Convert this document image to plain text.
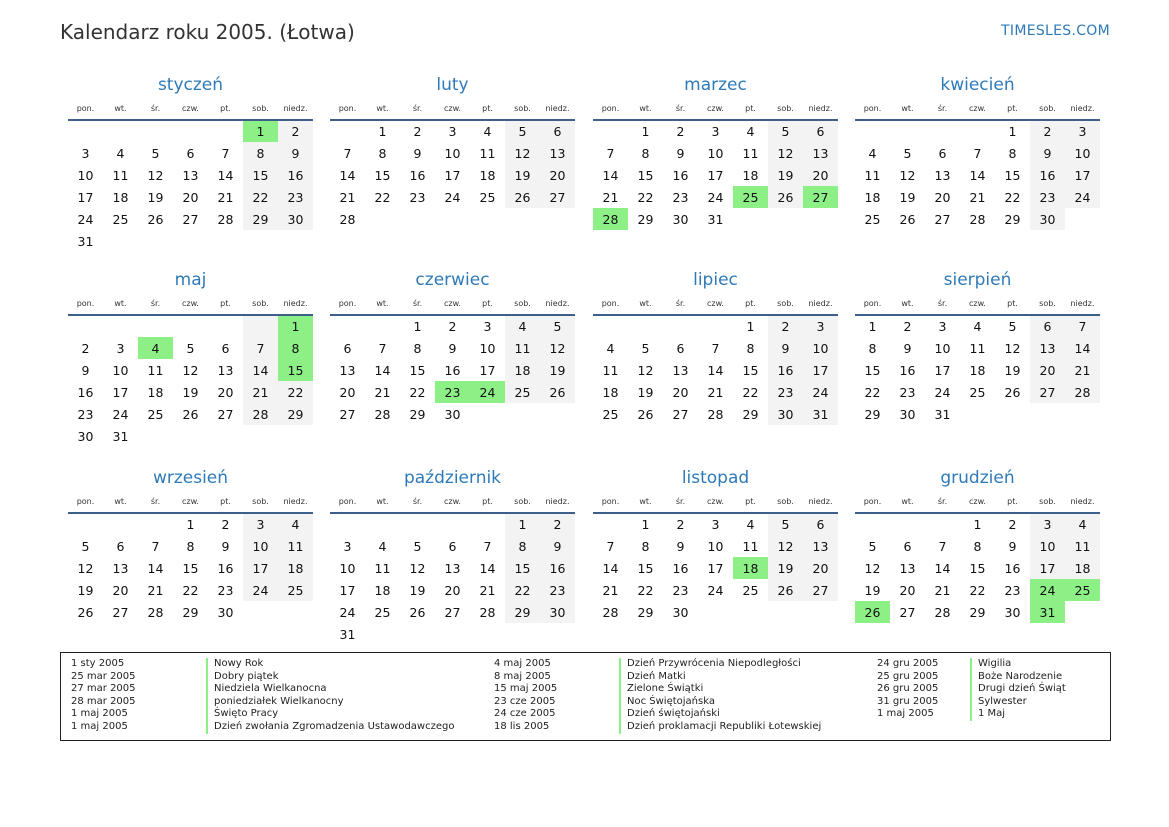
Kalendarz roku 2005. (Łotwa)	TIMESLES.COM
styczeń
pon.	wt.	śr.	czw.	pt.	sob.	niedz.
					1	2
3	4	5	6	7	8	9
10	11	12	13	14	15	16
17	18	19	20	21	22	23
24	25	26	27	28	29	30
31						
luty
pon.	wt.	śr.	czw.	pt.	sob.	niedz.
	1	2	3	4	5	6
7	8	9	10	11	12	13
14	15	16	17	18	19	20
21	22	23	24	25	26	27
28						
marzec
pon.	wt.	śr.	czw.	pt.	sob.	niedz.
	1	2	3	4	5	6
7	8	9	10	11	12	13
14	15	16	17	18	19	20
21	22	23	24	25	26	27
28	29	30	31			
kwiecień
pon.	wt.	śr.	czw.	pt.	sob.	niedz.
				1	2	3
4	5	6	7	8	9	10
11	12	13	14	15	16	17
18	19	20	21	22	23	24
25	26	27	28	29	30	
maj
pon.	wt.	śr.	czw.	pt.	sob.	niedz.
						1
2	3	4	5	6	7	8
9	10	11	12	13	14	15
16	17	18	19	20	21	22
23	24	25	26	27	28	29
30	31					
czerwiec
pon.	wt.	śr.	czw.	pt.	sob.	niedz.
		1	2	3	4	5
6	7	8	9	10	11	12
13	14	15	16	17	18	19
20	21	22	23	24	25	26
27	28	29	30			
lipiec
pon.	wt.	śr.	czw.	pt.	sob.	niedz.
				1	2	3
4	5	6	7	8	9	10
11	12	13	14	15	16	17
18	19	20	21	22	23	24
25	26	27	28	29	30	31
sierpień
pon.	wt.	śr.	czw.	pt.	sob.	niedz.
1	2	3	4	5	6	7
8	9	10	11	12	13	14
15	16	17	18	19	20	21
22	23	24	25	26	27	28
29	30	31				
wrzesień
pon.	wt.	śr.	czw.	pt.	sob.	niedz.
			1	2	3	4
5	6	7	8	9	10	11
12	13	14	15	16	17	18
19	20	21	22	23	24	25
26	27	28	29	30		
październik
pon.	wt.	śr.	czw.	pt.	sob.	niedz.
					1	2
3	4	5	6	7	8	9
10	11	12	13	14	15	16
17	18	19	20	21	22	23
24	25	26	27	28	29	30
31						
listopad
pon.	wt.	śr.	czw.	pt.	sob.	niedz.
	1	2	3	4	5	6
7	8	9	10	11	12	13
14	15	16	17	18	19	20
21	22	23	24	25	26	27
28	29	30				
grudzień
pon.	wt.	śr.	czw.	pt.	sob.	niedz.
			1	2	3	4
5	6	7	8	9	10	11
12	13	14	15	16	17	18
19	20	21	22	23	24	25
26	27	28	29	30	31	
1 sty 2005	Nowy Rok
25 mar 2005	Dobry piątek
27 mar 2005	Niedziela Wielkanocna
28 mar 2005	poniedziałek Wielkanocny
1 maj 2005	Święto Pracy
1 maj 2005	Dzień zwołania Zgromadzenia Ustawodawczego
4 maj 2005	Dzień Przywrócenia Niepodległości
8 maj 2005	Dzień Matki
15 maj 2005	Zielone Świątki
23 cze 2005	Noc Świętojańska
24 cze 2005	Dzień świętojański
18 lis 2005	Dzień proklamacji Republiki Łotewskiej
24 gru 2005	Wigilia
25 gru 2005	Boże Narodzenie
26 gru 2005	Drugi dzień Świąt
31 gru 2005	Sylwester
1 maj 2005	1 Maj
